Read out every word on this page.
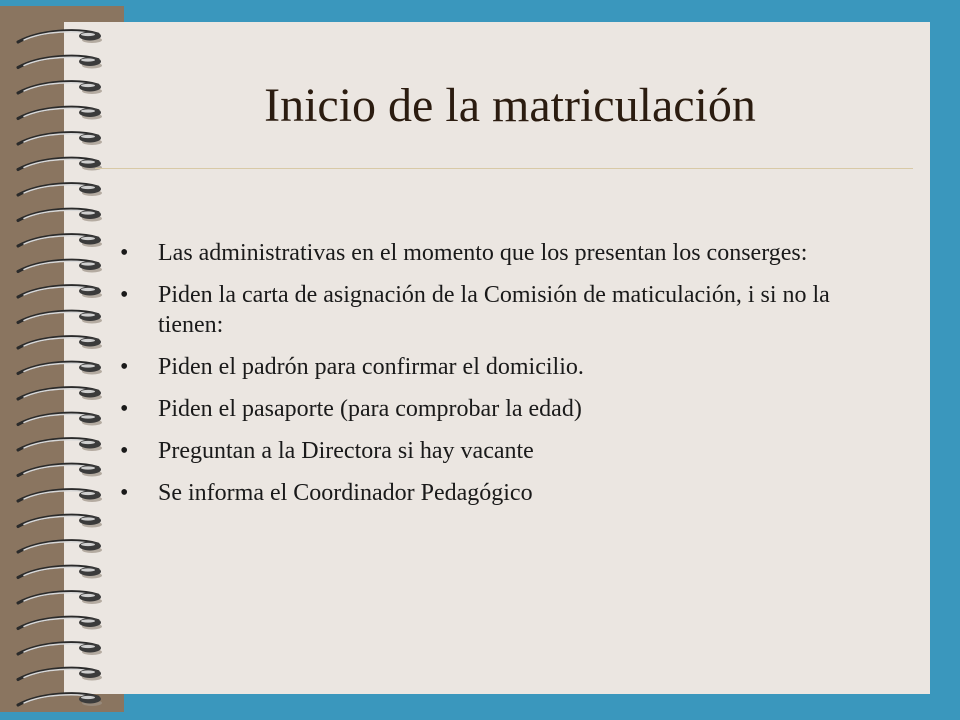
Inicio de la matriculación
• Las administrativas en el momento que los presentan los conserges:
• Piden la carta de asignación de la Comisión de maticulación, i si no la tienen:
• Piden el padrón para confirmar el domicilio.
• Piden el pasaporte (para comprobar la edad)
• Preguntan a la Directora si hay vacante
• Se informa el Coordinador Pedagógico
